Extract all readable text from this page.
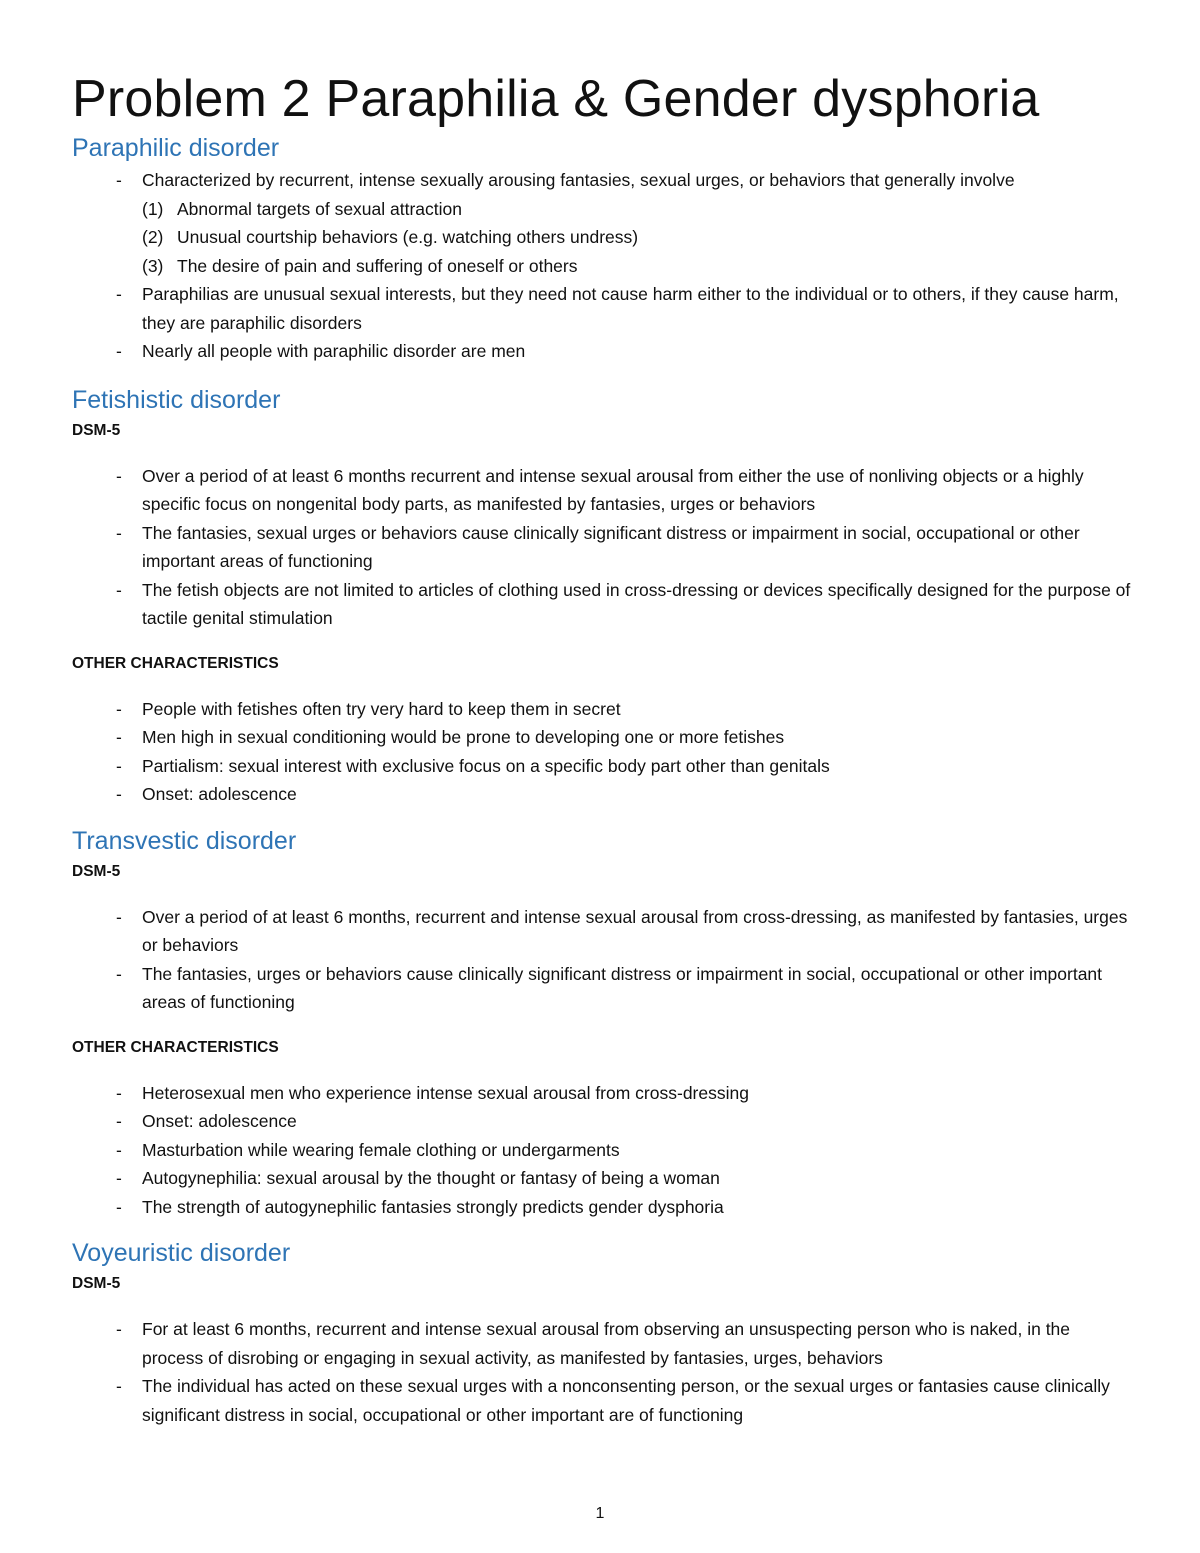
Problem 2 Paraphilia & Gender dysphoria
Paraphilic disorder
- Characterized by recurrent, intense sexually arousing fantasies, sexual urges, or behaviors that generally involve
(1) Abnormal targets of sexual attraction
(2) Unusual courtship behaviors (e.g. watching others undress)
(3) The desire of pain and suffering of oneself or others
- Paraphilias are unusual sexual interests, but they need not cause harm either to the individual or to others, if they cause harm, they are paraphilic disorders
- Nearly all people with paraphilic disorder are men
Fetishistic disorder

DSM-5

- Over a period of at least 6 months recurrent and intense sexual arousal from either the use of nonliving objects or a highly specific focus on nongenital body parts, as manifested by fantasies, urges or behaviors
- The fantasies, sexual urges or behaviors cause clinically significant distress or impairment in social, occupational or other important areas of functioning
- The fetish objects are not limited to articles of clothing used in cross-dressing or devices specifically designed for the purpose of tactile genital stimulation

OTHER CHARACTERISTICS

- People with fetishes often try very hard to keep them in secret
- Men high in sexual conditioning would be prone to developing one or more fetishes
- Partialism: sexual interest with exclusive focus on a specific body part other than genitals
- Onset: adolescence
Transvestic disorder

DSM-5

- Over a period of at least 6 months, recurrent and intense sexual arousal from cross-dressing, as manifested by fantasies, urges or behaviors
- The fantasies, urges or behaviors cause clinically significant distress or impairment in social, occupational or other important areas of functioning

OTHER CHARACTERISTICS

- Heterosexual men who experience intense sexual arousal from cross-dressing
- Onset: adolescence
- Masturbation while wearing female clothing or undergarments
- Autogynephilia: sexual arousal by the thought or fantasy of being a woman
- The strength of autogynephilic fantasies strongly predicts gender dysphoria
Voyeuristic disorder

DSM-5

- For at least 6 months, recurrent and intense sexual arousal from observing an unsuspecting person who is naked, in the process of disrobing or engaging in sexual activity, as manifested by fantasies, urges, behaviors
- The individual has acted on these sexual urges with a nonconsenting person, or the sexual urges or fantasies cause clinically significant distress in social, occupational or other important are of functioning
1
